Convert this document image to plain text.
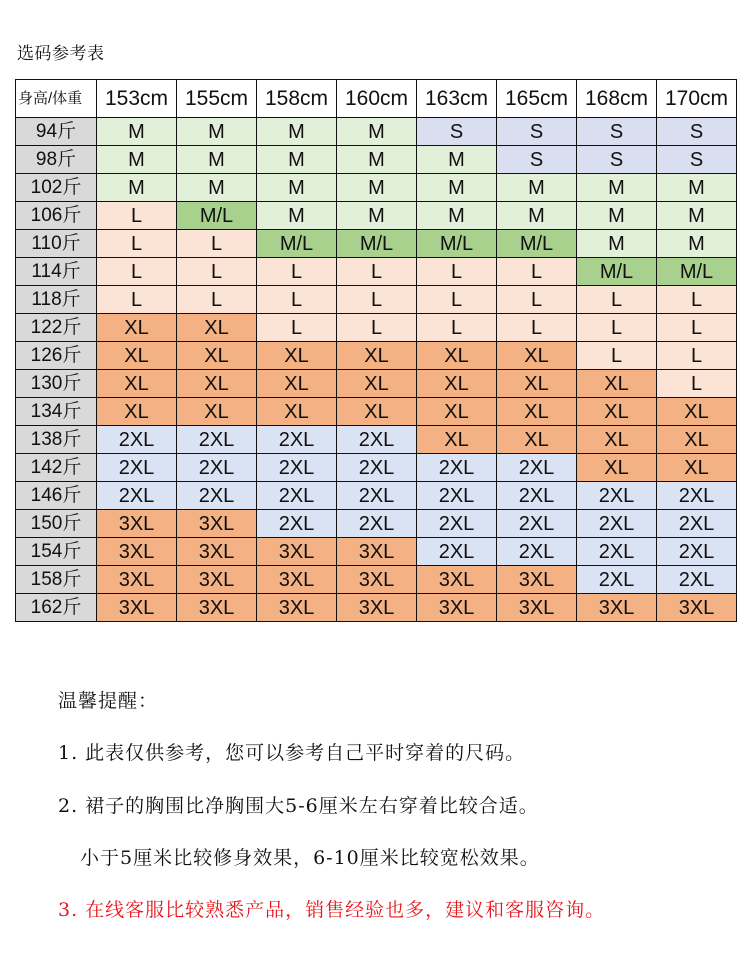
选码参考表
身高/体重	153cm	155cm	158cm	160cm	163cm	165cm	168cm	170cm
94斤	M	M	M	M	S	S	S	S
98斤	M	M	M	M	M	S	S	S
102斤	M	M	M	M	M	M	M	M
106斤	L	M/L	M	M	M	M	M	M
110斤	L	L	M/L	M/L	M/L	M/L	M	M
114斤	L	L	L	L	L	L	M/L	M/L
118斤	L	L	L	L	L	L	L	L
122斤	XL	XL	L	L	L	L	L	L
126斤	XL	XL	XL	XL	XL	XL	L	L
130斤	XL	XL	XL	XL	XL	XL	XL	L
134斤	XL	XL	XL	XL	XL	XL	XL	XL
138斤	2XL	2XL	2XL	2XL	XL	XL	XL	XL
142斤	2XL	2XL	2XL	2XL	2XL	2XL	XL	XL
146斤	2XL	2XL	2XL	2XL	2XL	2XL	2XL	2XL
150斤	3XL	3XL	2XL	2XL	2XL	2XL	2XL	2XL
154斤	3XL	3XL	3XL	3XL	2XL	2XL	2XL	2XL
158斤	3XL	3XL	3XL	3XL	3XL	3XL	2XL	2XL
162斤	3XL	3XL	3XL	3XL	3XL	3XL	3XL	3XL
温馨提醒：
1. 此表仅供参考，您可以参考自己平时穿着的尺码。
2. 裙子的胸围比净胸围大5-6厘米左右穿着比较合适。
小于5厘米比较修身效果，6-10厘米比较宽松效果。
3. 在线客服比较熟悉产品，销售经验也多，建议和客服咨询。
